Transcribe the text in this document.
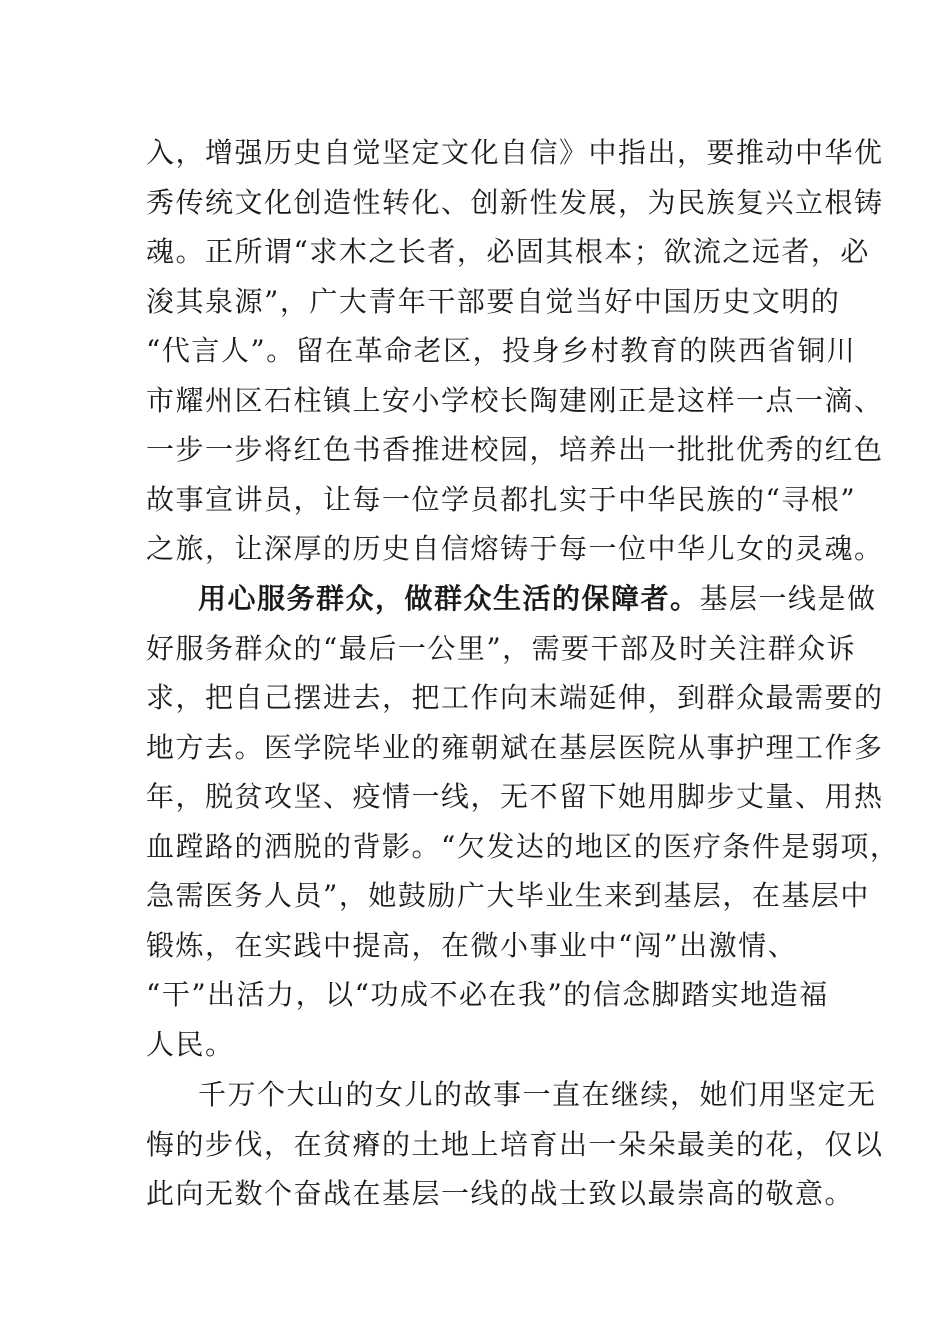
入，增强历史自觉坚定文化自信》中指出，要推动中华优
秀传统文化创造性转化、创新性发展，为民族复兴立根铸
魂。正所谓“求木之长者，必固其根本；欲流之远者，必
浚其泉源”，广大青年干部要自觉当好中国历史文明的
“代言人”。留在革命老区，投身乡村教育的陕西省铜川
市耀州区石柱镇上安小学校长陶建刚正是这样一点一滴、
一步一步将红色书香推进校园，培养出一批批优秀的红色
故事宣讲员，让每一位学员都扎实于中华民族的“寻根”
之旅，让深厚的历史自信熔铸于每一位中华儿女的灵魂。
用心服务群众，做群众生活的保障者。基层一线是做
好服务群众的“最后一公里”，需要干部及时关注群众诉
求，把自己摆进去，把工作向末端延伸，到群众最需要的
地方去。医学院毕业的雍朝斌在基层医院从事护理工作多
年，脱贫攻坚、疫情一线，无不留下她用脚步丈量、用热
血蹚路的洒脱的背影。“欠发达的地区的医疗条件是弱项，
急需医务人员”，她鼓励广大毕业生来到基层，在基层中
锻炼，在实践中提高，在微小事业中“闯”出激情、
“干”出活力，以“功成不必在我”的信念脚踏实地造福
人民。
千万个大山的女儿的故事一直在继续，她们用坚定无
悔的步伐，在贫瘠的土地上培育出一朵朵最美的花，仅以
此向无数个奋战在基层一线的战士致以最崇高的敬意。
